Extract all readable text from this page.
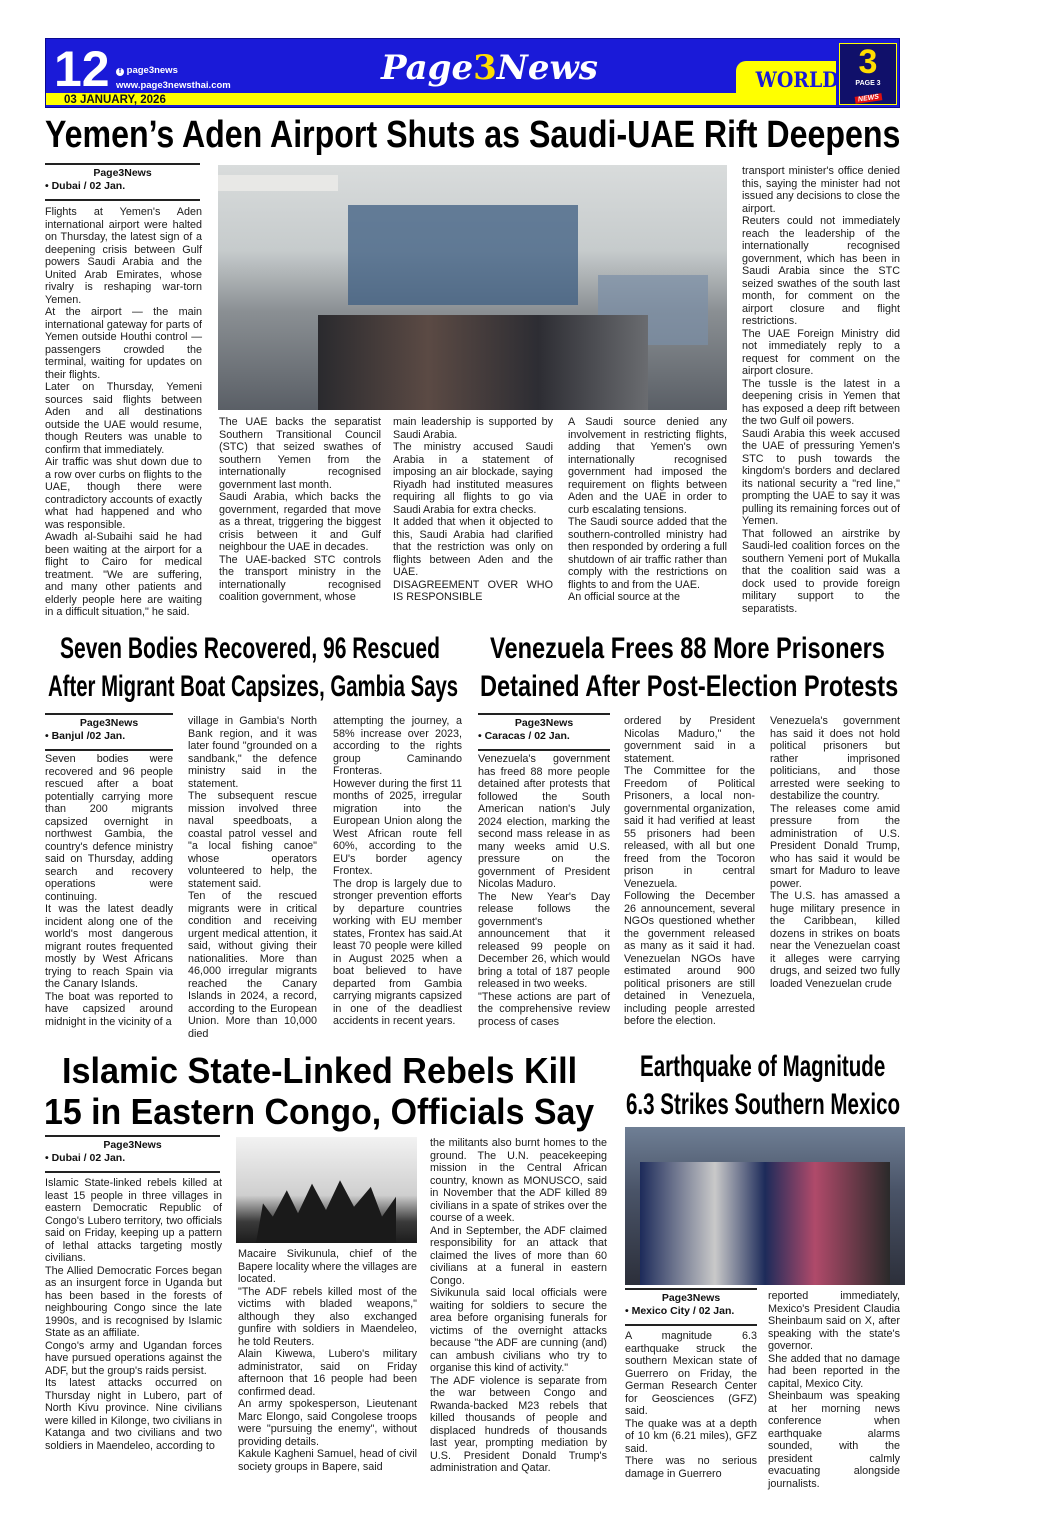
12	f page3news
www.page3newsthai.com
03 JANUARY, 2026
Page3News	WORLD 3
PAGE 3
NEWS
Yemen’s Aden Airport Shuts as Saudi-UAE Rift Deepens
Page3News
• Dubai / 02 Jan.

Flights at Yemen's Aden international airport were halted on Thursday, the latest sign of a deepening crisis between Gulf powers Saudi Arabia and the United Arab Emirates, whose rivalry is reshaping war-torn Yemen.

At the airport — the main international gateway for parts of Yemen outside Houthi control — passengers crowded the terminal, waiting for updates on their flights.

Later on Thursday, Yemeni sources said flights between Aden and all destinations outside the UAE would resume, though Reuters was unable to confirm that immediately.

Air traffic was shut down due to a row over curbs on flights to the UAE, though there were contradictory accounts of exactly what had happened and who was responsible.

Awadh al-Subaihi said he had been waiting at the airport for a flight to Cairo for medical treatment. "We are suffering, and many other patients and elderly people here are waiting in a difficult situation," he said.

The UAE backs the separatist Southern Transitional Council (STC) that seized swathes of southern Yemen from the internationally recognised government last month.

Saudi Arabia, which backs the government, regarded that move as a threat, triggering the biggest crisis between it and Gulf neighbour the UAE in decades.

The UAE-backed STC controls the transport ministry in the internationally recognised coalition government, whose

main leadership is supported by Saudi Arabia.

The ministry accused Saudi Arabia in a statement of imposing an air blockade, saying Riyadh had instituted measures requiring all flights to go via Saudi Arabia for extra checks.

It added that when it objected to this, Saudi Arabia had clarified that the restriction was only on flights between Aden and the UAE.

DISAGREEMENT OVER WHO IS RESPONSIBLE

A Saudi source denied any involvement in restricting flights, adding that Yemen's own internationally recognised government had imposed the requirement on flights between Aden and the UAE in order to curb escalating tensions.

The Saudi source added that the southern-controlled ministry had then responded by ordering a full shutdown of air traffic rather than comply with the restrictions on flights to and from the UAE.

An official source at the

transport minister's office denied this, saying the minister had not issued any decisions to close the airport.

Reuters could not immediately reach the leadership of the internationally recognised government, which has been in Saudi Arabia since the STC seized swathes of the south last month, for comment on the airport closure and flight restrictions.

The UAE Foreign Ministry did not immediately reply to a request for comment on the airport closure.

The tussle is the latest in a deepening crisis in Yemen that has exposed a deep rift between the two Gulf oil powers.

Saudi Arabia this week accused the UAE of pressuring Yemen's STC to push towards the kingdom's borders and declared its national security a "red line," prompting the UAE to say it was pulling its remaining forces out of Yemen.

That followed an airstrike by Saudi-led coalition forces on the southern Yemeni port of Mukalla that the coalition said was a dock used to provide foreign military support to the separatists.

Seven Bodies Recovered, 96 Rescued
After Migrant Boat Capsizes, Gambia Says
Page3News
• Banjul /02 Jan.

Seven bodies were recovered and 96 people rescued after a boat potentially carrying more than 200 migrants capsized overnight in northwest Gambia, the country's defence ministry said on Thursday, adding search and recovery operations were continuing.

It was the latest deadly incident along one of the world's most dangerous migrant routes frequented mostly by West Africans trying to reach Spain via the Canary Islands.

The boat was reported to have capsized around midnight in the vicinity of a

village in Gambia's North Bank region, and it was later found "grounded on a sandbank," the defence ministry said in the statement.

The subsequent rescue mission involved three naval speedboats, a coastal patrol vessel and "a local fishing canoe" whose operators volunteered to help, the statement said.

Ten of the rescued migrants were in critical condition and receiving urgent medical attention, it said, without giving their nationalities. More than 46,000 irregular migrants reached the Canary Islands in 2024, a record, according to the European Union. More than 10,000 died

attempting the journey, a 58% increase over 2023, according to the rights group Caminando Fronteras.

However during the first 11 months of 2025, irregular migration into the European Union along the West African route fell 60%, according to the EU's border agency Frontex.

The drop is largely due to stronger prevention efforts by departure countries working with EU member states, Frontex has said.At least 70 people were killed in August 2025 when a boat believed to have departed from Gambia carrying migrants capsized in one of the deadliest accidents in recent years.

Venezuela Frees 88 More Prisoners
Detained After Post-Election Protests
Page3News
• Caracas / 02 Jan.

Venezuela's government has freed 88 more people detained after protests that followed the South American nation's July 2024 election, marking the second mass release in as many weeks amid U.S. pressure on the government of President Nicolas Maduro.

The New Year's Day release follows the government's announcement that it released 99 people on December 26, which would bring a total of 187 people released in two weeks.

"These actions are part of the comprehensive review process of cases

ordered by President Nicolas Maduro," the government said in a statement.

The Committee for the Freedom of Political Prisoners, a local non-governmental organization, said it had verified at least 55 prisoners had been released, with all but one freed from the Tocoron prison in central Venezuela.

Following the December 26 announcement, several NGOs questioned whether the government released as many as it said it had. Venezuelan NGOs have estimated around 900 political prisoners are still detained in Venezuela, including people arrested before the election.

Venezuela's government has said it does not hold political prisoners but rather imprisoned politicians, and those arrested were seeking to destabilize the country.

The releases come amid pressure from the administration of U.S. President Donald Trump, who has said it would be smart for Maduro to leave power.

The U.S. has amassed a huge military presence in the Caribbean, killed dozens in strikes on boats near the Venezuelan coast it alleges were carrying drugs, and seized two fully loaded Venezuelan crude

Islamic State-Linked Rebels Kill
15 in Eastern Congo, Officials Say
Page3News
• Dubai / 02 Jan.

Islamic State-linked rebels killed at least 15 people in three villages in eastern Democratic Republic of Congo's Lubero territory, two officials said on Friday, keeping up a pattern of lethal attacks targeting mostly civilians.

The Allied Democratic Forces began as an insurgent force in Uganda but has been based in the forests of neighbouring Congo since the late 1990s, and is recognised by Islamic State as an affiliate.

Congo's army and Ugandan forces have pursued operations against the ADF, but the group's raids persist.

Its latest attacks occurred on Thursday night in Lubero, part of North Kivu province. Nine civilians were killed in Kilonge, two civilians in Katanga and two civilians and two soldiers in Maendeleo, according to

Macaire Sivikunula, chief of the Bapere locality where the villages are located.

"The ADF rebels killed most of the victims with bladed weapons," although they also exchanged gunfire with soldiers in Maendeleo, he told Reuters.

Alain Kiwewa, Lubero's military administrator, said on Friday afternoon that 16 people had been confirmed dead.

An army spokesperson, Lieutenant Marc Elongo, said Congolese troops were "pursuing the enemy", without providing details.

Kakule Kagheni Samuel, head of civil society groups in Bapere, said

the militants also burnt homes to the ground. The U.N. peacekeeping mission in the Central African country, known as MONUSCO, said in November that the ADF killed 89 civilians in a spate of strikes over the course of a week.

And in September, the ADF claimed responsibility for an attack that claimed the lives of more than 60 civilians at a funeral in eastern Congo.

Sivikunula said local officials were waiting for soldiers to secure the area before organising funerals for victims of the overnight attacks because "the ADF are cunning (and) can ambush civilians who try to organise this kind of activity."

The ADF violence is separate from the war between Congo and Rwanda-backed M23 rebels that killed thousands of people and displaced hundreds of thousands last year, prompting mediation by U.S. President Donald Trump's administration and Qatar.

Earthquake of Magnitude
6.3 Strikes Southern Mexico
Page3News
• Mexico City / 02 Jan.

A magnitude 6.3 earthquake struck the southern Mexican state of Guerrero on Friday, the German Research Center for Geosciences (GFZ) said.

The quake was at a depth of 10 km (6.21 miles), GFZ said.

There was no serious damage in Guerrero

reported immediately, Mexico's President Claudia Sheinbaum said on X, after speaking with the state's governor.

She added that no damage had been reported in the capital, Mexico City.

Sheinbaum was speaking at her morning news conference when earthquake alarms sounded, with the president calmly evacuating alongside journalists.
